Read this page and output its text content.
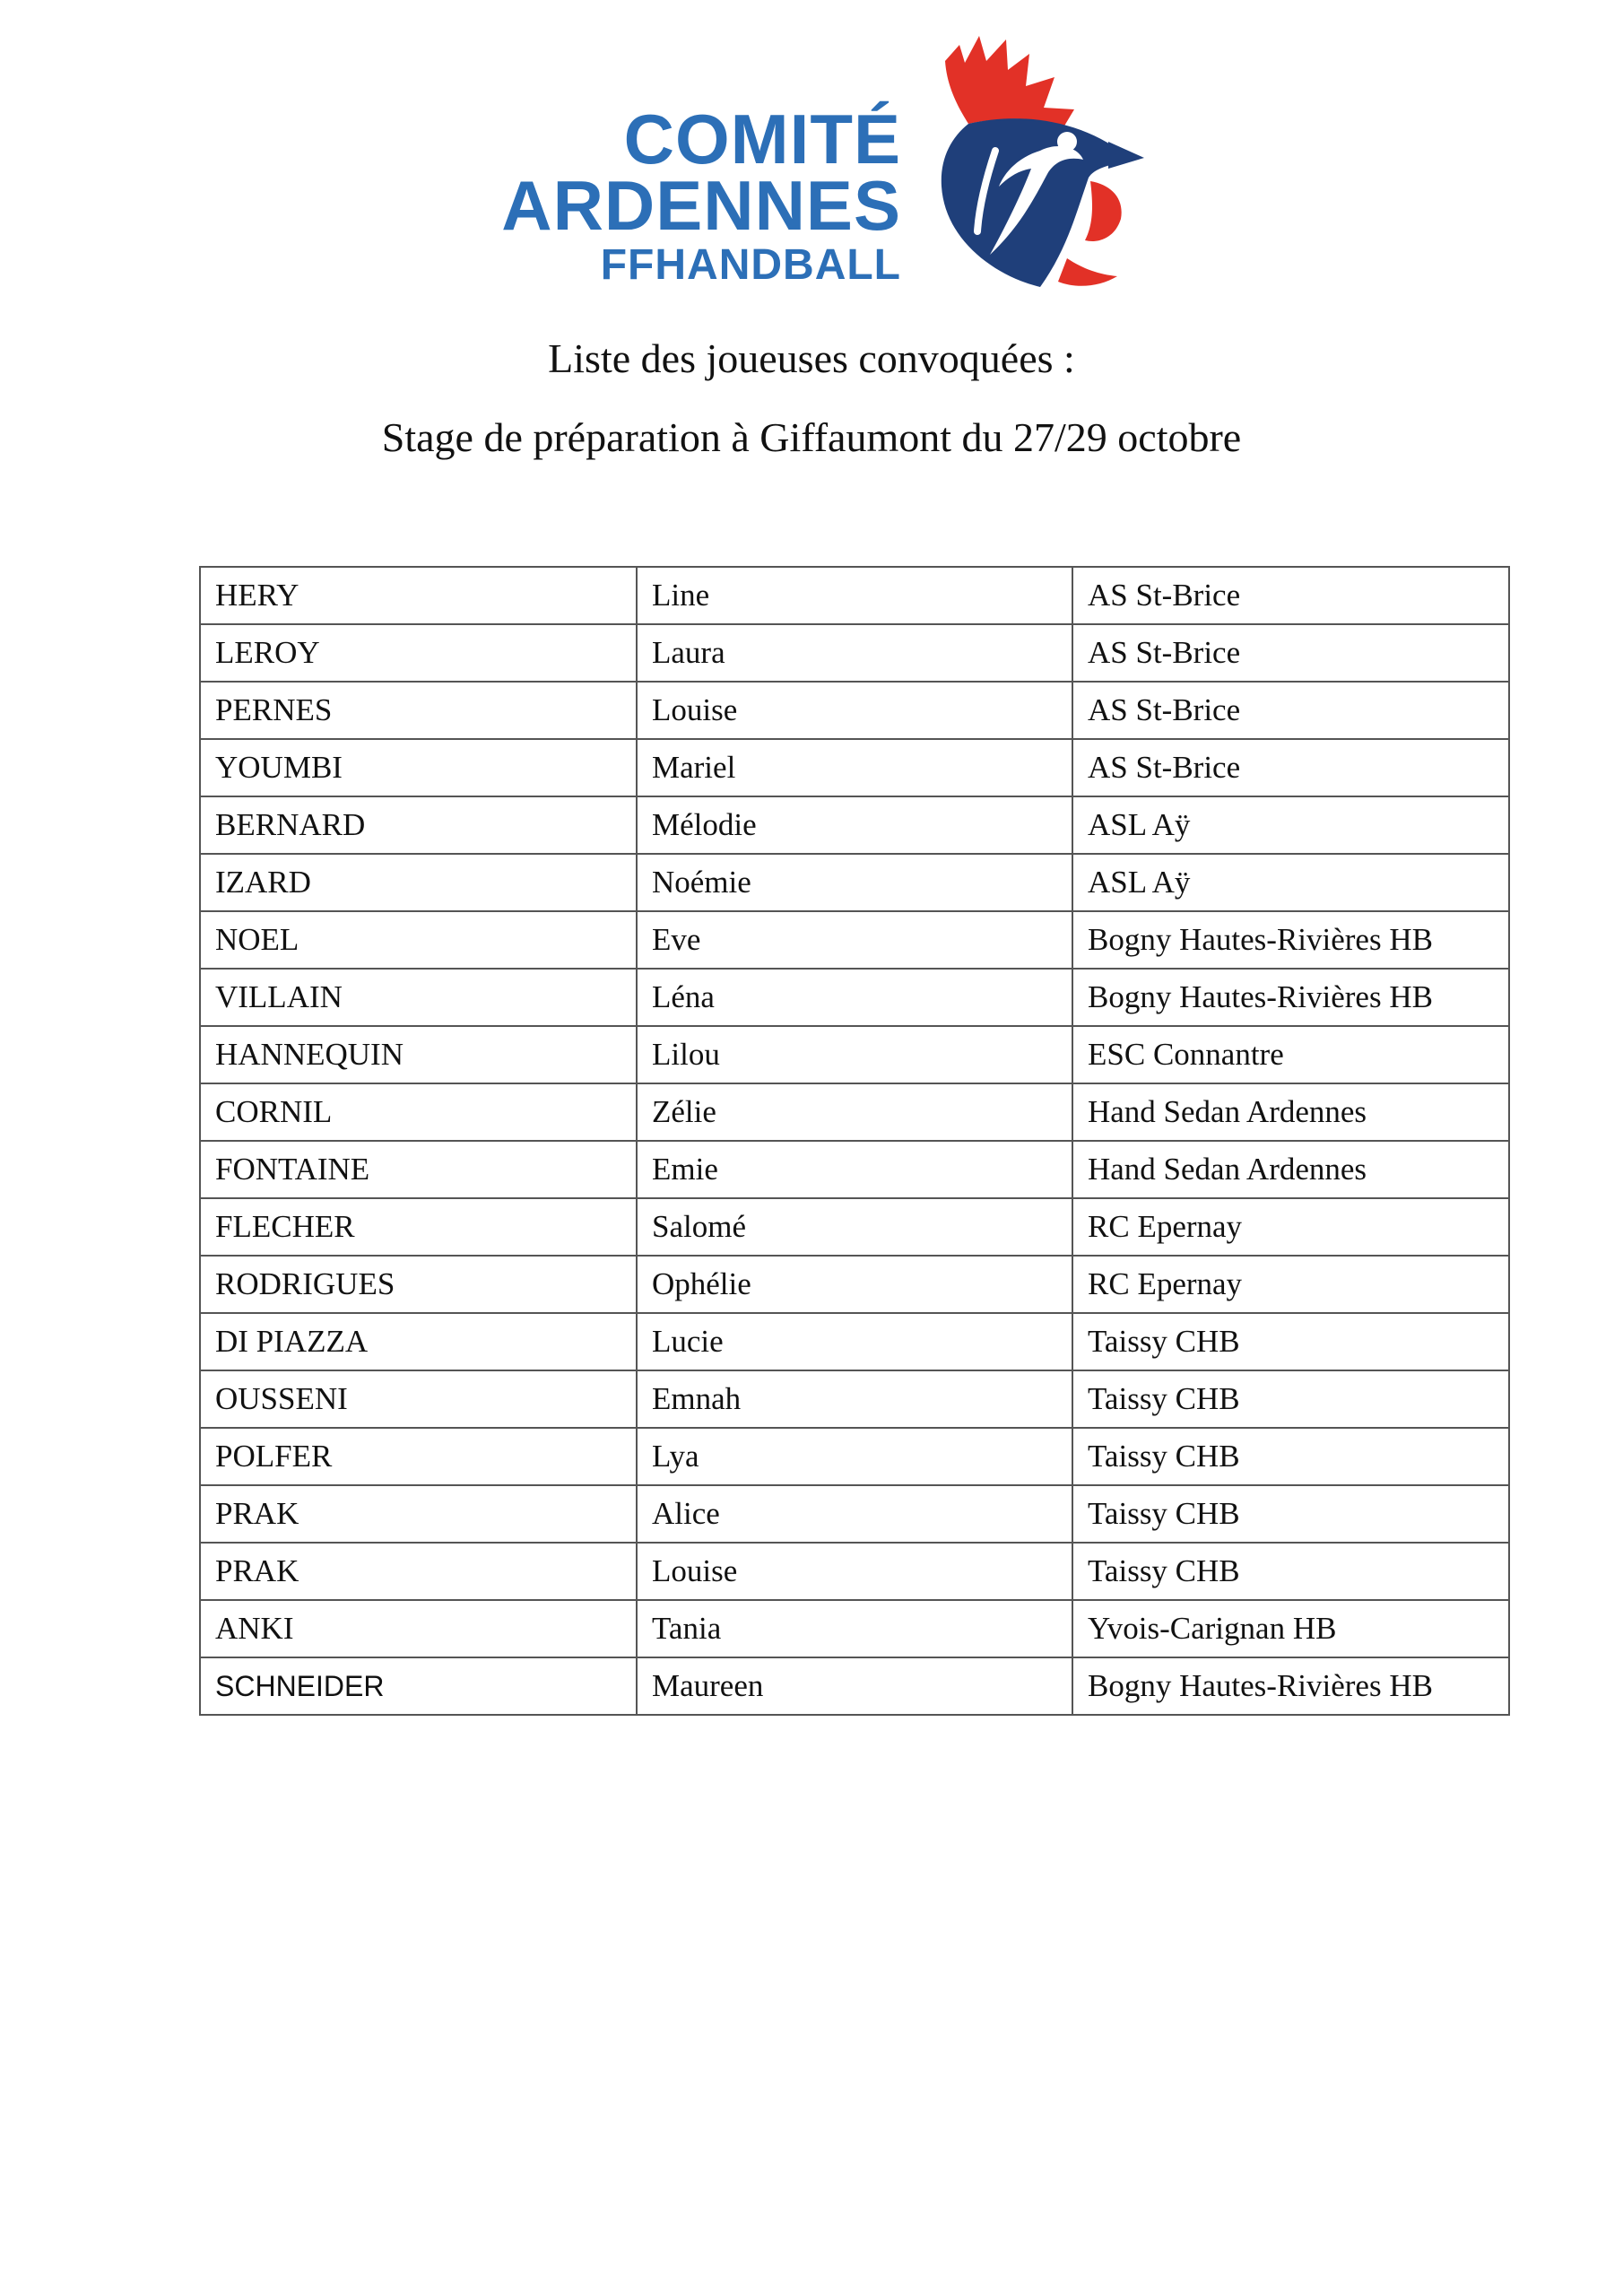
COMITÉ
ARDENNES
FFHANDBALL
Liste des joueuses convoquées :
Stage de préparation à Giffaumont du 27/29 octobre
HERY	Line	AS St-Brice
LEROY	Laura	AS St-Brice
PERNES	Louise	AS St-Brice
YOUMBI	Mariel	AS St-Brice
BERNARD	Mélodie	ASL Aÿ
IZARD	Noémie	ASL Aÿ
NOEL	Eve	Bogny Hautes-Rivières HB
VILLAIN	Léna	Bogny Hautes-Rivières HB
HANNEQUIN	Lilou	ESC Connantre
CORNIL	Zélie	Hand Sedan Ardennes
FONTAINE	Emie	Hand Sedan Ardennes
FLECHER	Salomé	RC Epernay
RODRIGUES	Ophélie	RC Epernay
DI PIAZZA	Lucie	Taissy CHB
OUSSENI	Emnah	Taissy CHB
POLFER	Lya	Taissy CHB
PRAK	Alice	Taissy CHB
PRAK	Louise	Taissy CHB
ANKI	Tania	Yvois-Carignan HB
SCHNEIDER	Maureen	Bogny Hautes-Rivières HB
